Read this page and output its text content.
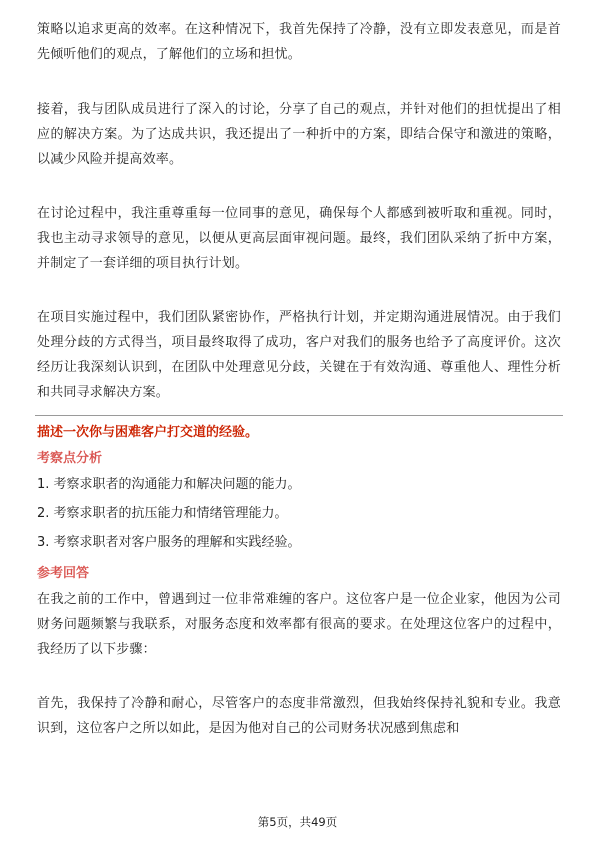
策略以追求更高的效率。在这种情况下，我首先保持了冷静，没有立即发表意见，而是首先倾听他们的观点，了解他们的立场和担忧。

接着，我与团队成员进行了深入的讨论，分享了自己的观点，并针对他们的担忧提出了相应的解决方案。为了达成共识，我还提出了一种折中的方案，即结合保守和激进的策略，以减少风险并提高效率。

在讨论过程中，我注重尊重每一位同事的意见，确保每个人都感到被听取和重视。同时，我也主动寻求领导的意见，以便从更高层面审视问题。最终，我们团队采纳了折中方案，并制定了一套详细的项目执行计划。

在项目实施过程中，我们团队紧密协作，严格执行计划，并定期沟通进展情况。由于我们处理分歧的方式得当，项目最终取得了成功，客户对我们的服务也给予了高度评价。这次经历让我深刻认识到，在团队中处理意见分歧，关键在于有效沟通、尊重他人、理性分析和共同寻求解决方案。

描述一次你与困难客户打交道的经验。

考察点分析

1. 考察求职者的沟通能力和解决问题的能力。
2. 考察求职者的抗压能力和情绪管理能力。
3. 考察求职者对客户服务的理解和实践经验。

参考回答

在我之前的工作中，曾遇到过一位非常难缠的客户。这位客户是一位企业家，他因为公司财务问题频繁与我联系，对服务态度和效率都有很高的要求。在处理这位客户的过程中，我经历了以下步骤：

首先，我保持了冷静和耐心，尽管客户的态度非常激烈，但我始终保持礼貌和专业。我意识到，这位客户之所以如此，是因为他对自己的公司财务状况感到焦虑和

第5页，共49页
